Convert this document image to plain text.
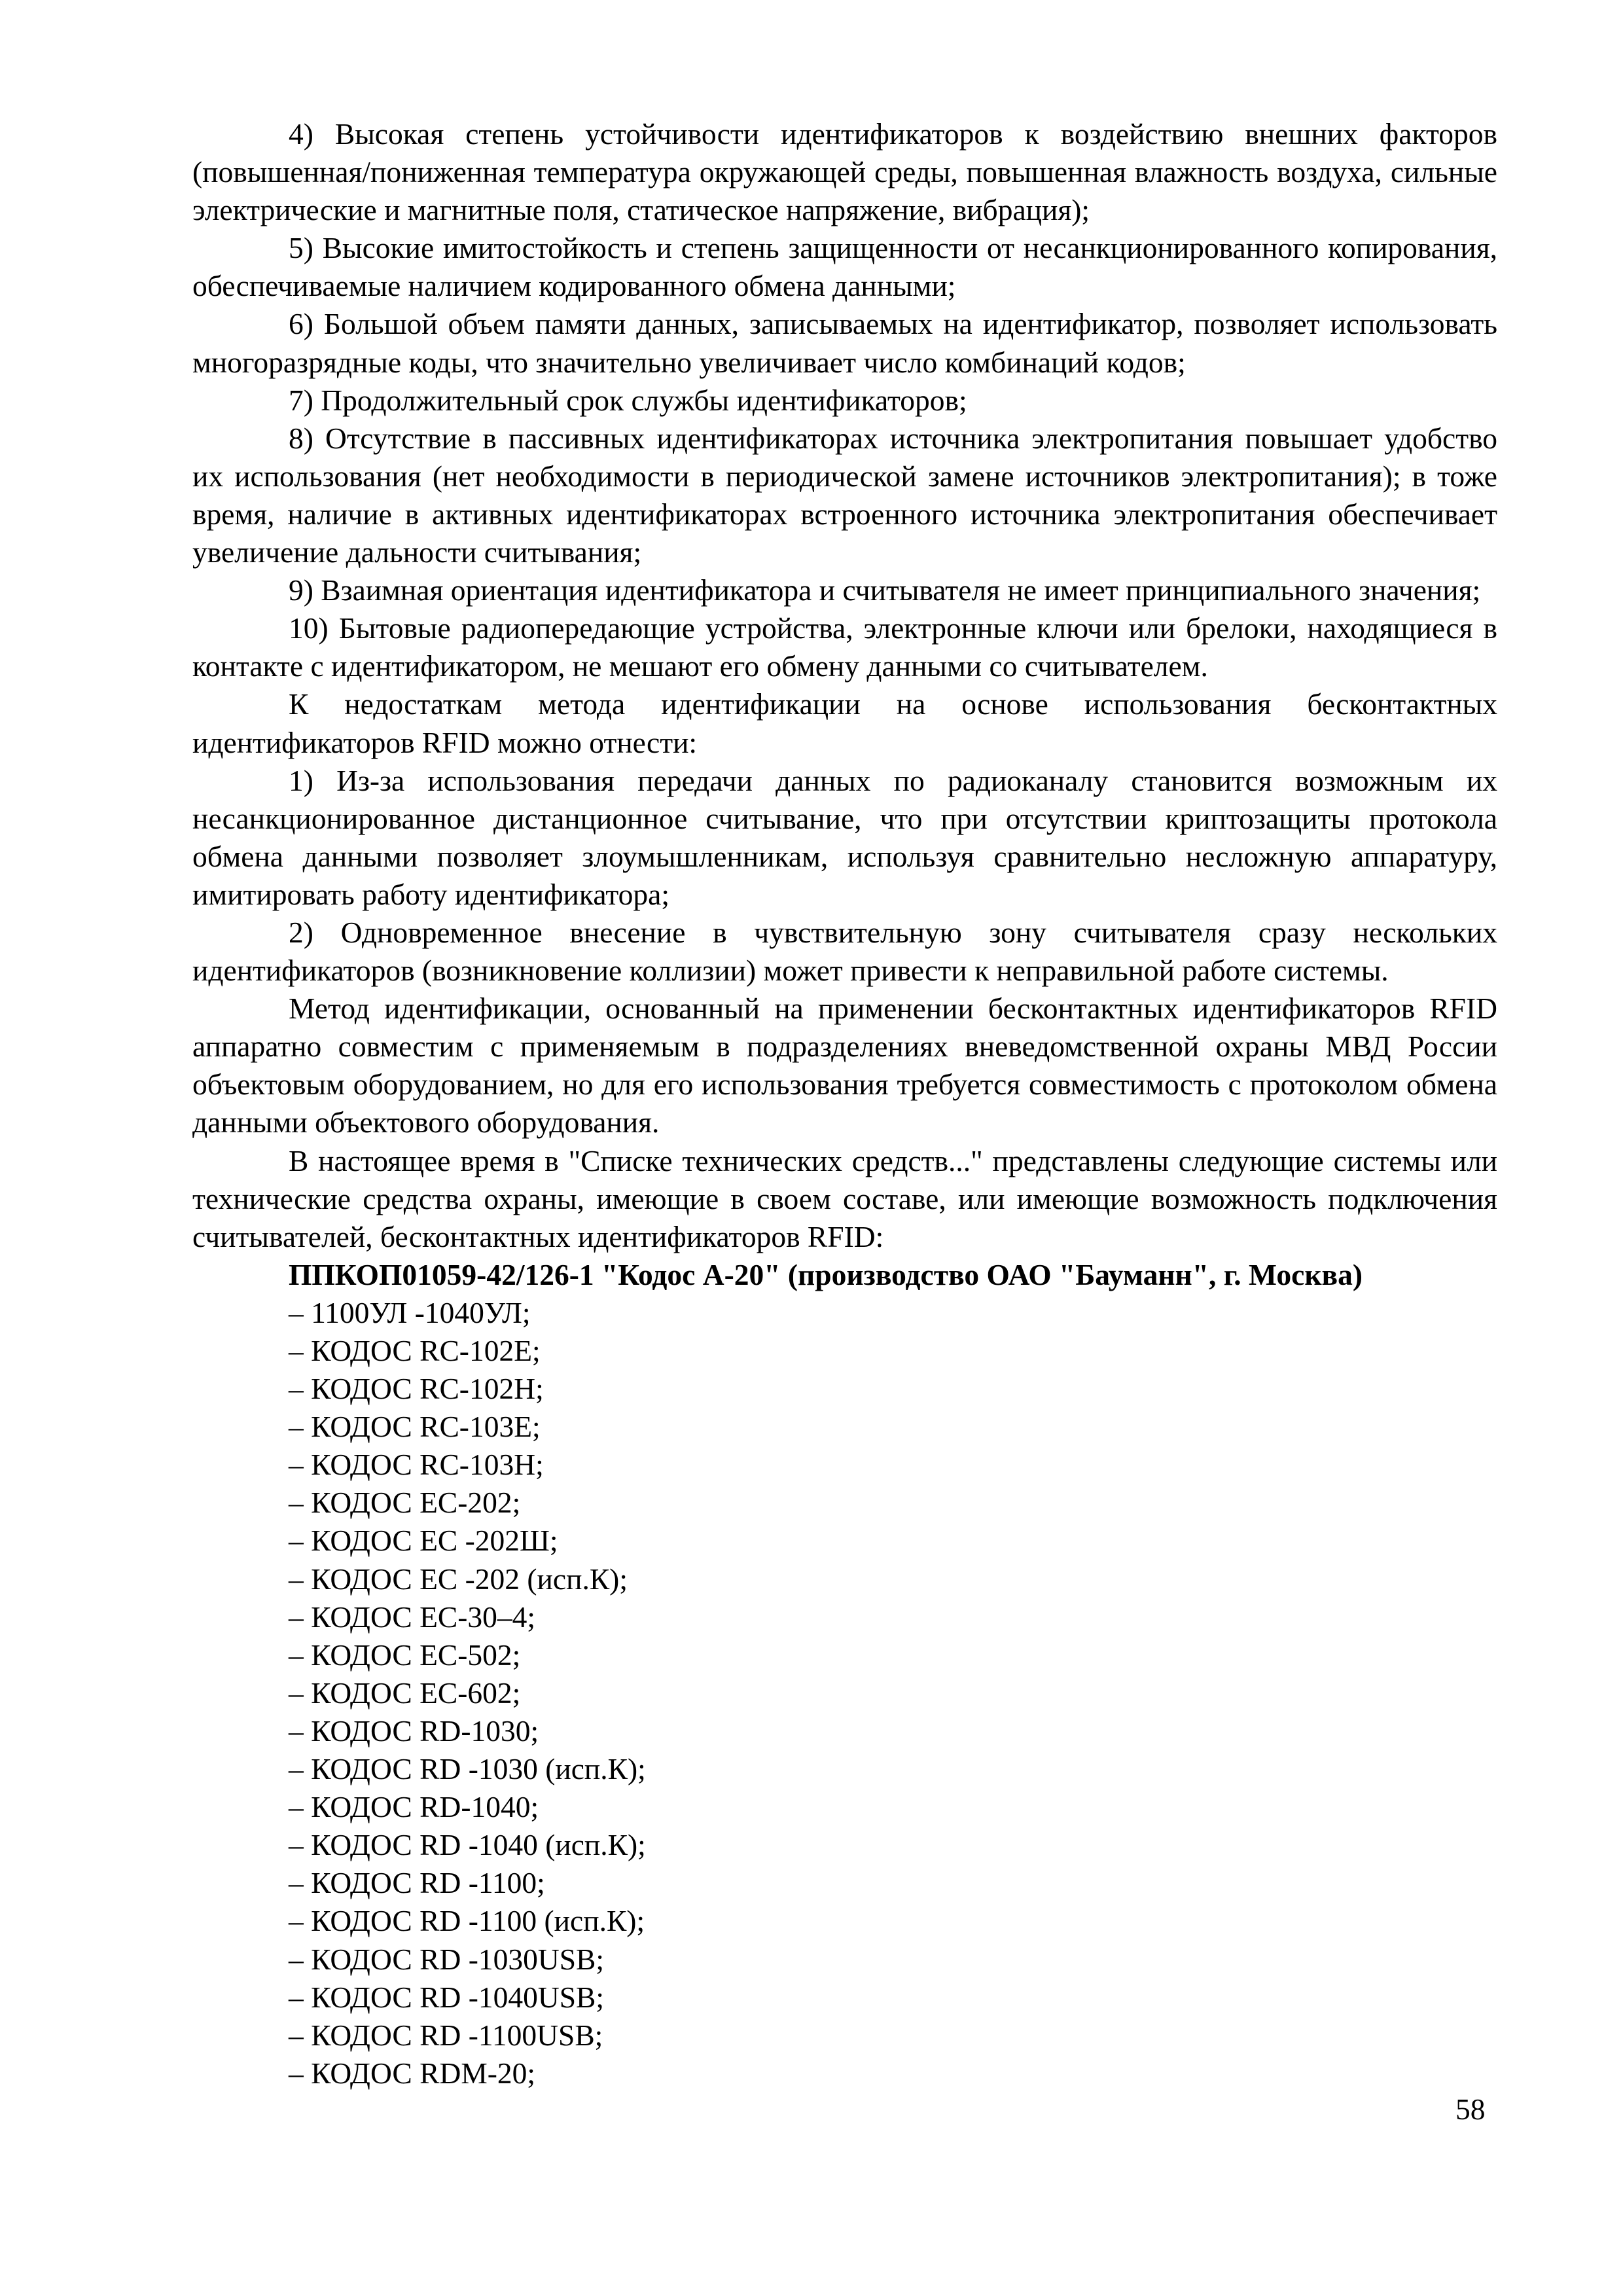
4) Высокая степень устойчивости идентификаторов к воздействию внешних факторов (повышенная/пониженная температура окружающей среды, повышенная влажность воздуха, сильные электрические и магнитные поля, статическое напряжение, вибрация);

5) Высокие имитостойкость и степень защищенности от несанкционированного копирования, обеспечиваемые наличием кодированного обмена данными;

6) Большой объем памяти данных, записываемых на идентификатор, позволяет использовать многоразрядные коды, что значительно увеличивает число комбинаций кодов;

7) Продолжительный срок службы идентификаторов;

8) Отсутствие в пассивных идентификаторах источника электропитания повышает удобство их использования (нет необходимости в периодической замене источников электропитания); в тоже время, наличие в активных идентификаторах встроенного источника электропитания обеспечивает увеличение дальности считывания;

9) Взаимная ориентация идентификатора и считывателя не имеет принципиального значения;

10) Бытовые радиопередающие устройства, электронные ключи или брелоки, находящиеся в контакте с идентификатором, не мешают его обмену данными со считывателем.

К недостаткам метода идентификации на основе использования бесконтактных идентификаторов RFID можно отнести:

1) Из-за использования передачи данных по радиоканалу становится возможным их несанкционированное дистанционное считывание, что при отсутствии криптозащиты протокола обмена данными позволяет злоумышленникам, используя сравнительно несложную аппаратуру, имитировать работу идентификатора;

2) Одновременное внесение в чувствительную зону считывателя сразу нескольких идентификаторов (возникновение коллизии) может привести к неправильной работе системы.

Метод идентификации, основанный на применении бесконтактных идентификаторов RFID аппаратно совместим с применяемым в подразделениях вневедомственной охраны МВД России объектовым оборудованием, но для его использования требуется совместимость с протоколом обмена данными объектового оборудования.

В настоящее время в "Списке технических средств..." представлены следующие системы или технические средства охраны, имеющие в своем составе, или имеющие возможность подключения считывателей, бесконтактных идентификаторов RFID:

ППКОП01059-42/126-1 "Кодос А-20" (производство ОАО "Бауманн", г. Москва)

– 1100УЛ -1040УЛ;
– КОДОС RC-102E;
– КОДОС RC-102H;
– КОДОС RC-103E;
– КОДОС RC-103H;
– КОДОС ЕС-202;
– КОДОС ЕС -202Ш;
– КОДОС ЕС -202 (исп.К);
– КОДОС ЕС-30–4;
– КОДОС ЕС-502;
– КОДОС ЕС-602;
– КОДОС RD-1030;
– КОДОС RD -1030 (исп.К);
– КОДОС RD-1040;
– КОДОС RD -1040 (исп.К);
– КОДОС RD -1100;
– КОДОС RD -1100 (исп.К);
– КОДОС RD -1030USB;
– КОДОС RD -1040USB;
– КОДОС RD -1100USB;
– КОДОС RDM-20;
58
